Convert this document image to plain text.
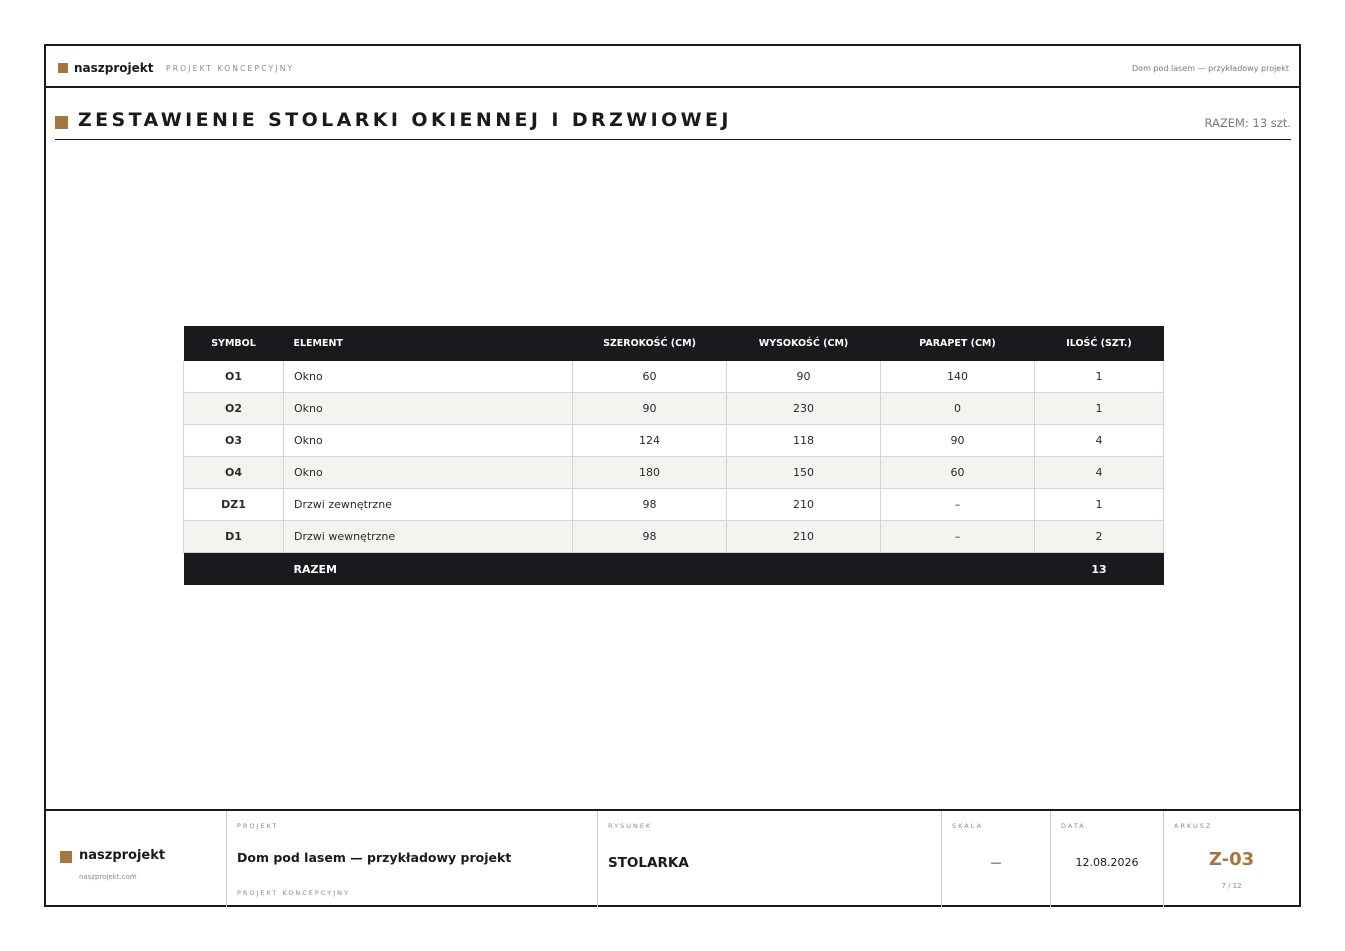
naszprojekt PROJEKT KONCEPCYJNY	Dom pod lasem — przykładowy projekt
ZESTAWIENIE STOLARKI OKIENNEJ I DRZWIOWEJ	RAZEM: 13 szt.
SYMBOL	ELEMENT	SZEROKOŚĆ (CM)	WYSOKOŚĆ (CM)	PARAPET (CM)	ILOŚĆ (SZT.)
O1	Okno	60	90	140	1
O2	Okno	90	230	0	1
O3	Okno	124	118	90	4
O4	Okno	180	150	60	4
DZ1	Drzwi zewnętrzne	98	210	–	1
D1	Drzwi wewnętrzne	98	210	–	2
	RAZEM				13
naszprojekt
naszprojekt.com
PROJEKT
Dom pod lasem — przykładowy projekt
PROJEKT KONCEPCYJNY
RYSUNEK
STOLARKA
SKALA
—
DATA
12.08.2026
ARKUSZ
Z-03
7 / 12
